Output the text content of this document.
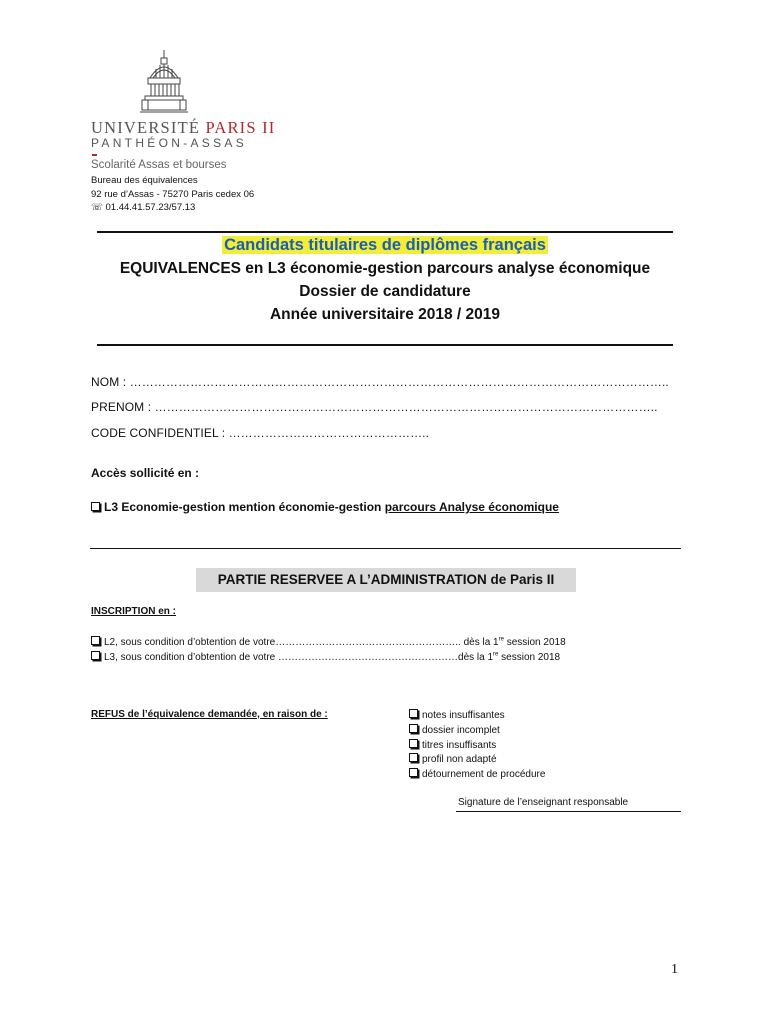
UNIVERSITÉ PARIS II
PANTHÉON-ASSAS
Scolarité Assas et bourses
Bureau des équivalences
92 rue d’Assas - 75270 Paris cedex 06
☏ 01.44.41.57.23/57.13
Candidats titulaires de diplômes français
EQUIVALENCES en L3 économie-gestion parcours analyse économique
Dossier de candidature
Année universitaire 2018 / 2019
NOM : ……………………………………………………………………………………………………………………..
PRENOM : ……………………………………………………………………………………………………………..
CODE CONFIDENTIEL : …………………………………………..
Accès sollicité en :
L3 Economie-gestion mention économie-gestion parcours Analyse économique
PARTIE RESERVEE A L’ADMINISTRATION de Paris II
INSCRIPTION en :
L2, sous condition d’obtention de votre……………………………………………….. dès la 1re session 2018
L3, sous condition d’obtention de votre ………………………………………………dès la 1re session 2018
REFUS de l’équivalence demandée, en raison de :	notes insuffisantes
dossier incomplet
titres insuffisants
profil non adapté
détournement de procédure
Signature de l’enseignant responsable
1
